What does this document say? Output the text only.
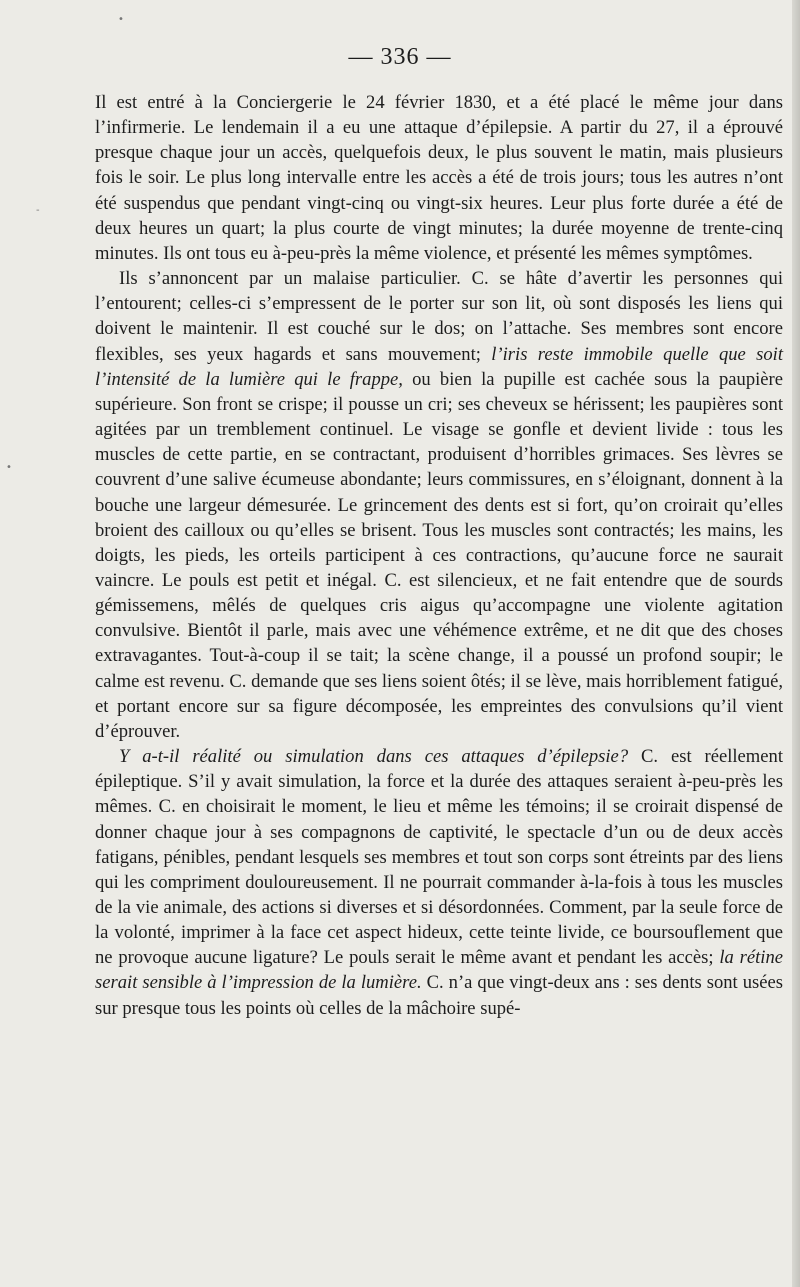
— 336 —

Il est entré à la Conciergerie le 24 février 1830, et a été placé le même jour dans l’infirmerie. Le lendemain il a eu une attaque d’épilepsie. A partir du 27, il a éprouvé presque chaque jour un accès, quelquefois deux, le plus souvent le matin, mais plusieurs fois le soir. Le plus long intervalle entre les accès a été de trois jours; tous les autres n’ont été suspendus que pendant vingt-cinq ou vingt-six heures. Leur plus forte durée a été de deux heures un quart; la plus courte de vingt minutes; la durée moyenne de trente-cinq minutes. Ils ont tous eu à-peu-près la même violence, et présenté les mêmes symptômes.

Ils s’annoncent par un malaise particulier. C. se hâte d’avertir les personnes qui l’entourent; celles-ci s’empressent de le porter sur son lit, où sont disposés les liens qui doivent le maintenir. Il est couché sur le dos; on l’attache. Ses membres sont encore flexibles, ses yeux hagards et sans mouvement; l’iris reste immobile quelle que soit l’intensité de la lumière qui le frappe, ou bien la pupille est cachée sous la paupière supérieure. Son front se crispe; il pousse un cri; ses cheveux se hérissent; les paupières sont agitées par un tremblement continuel. Le visage se gonfle et devient livide : tous les muscles de cette partie, en se contractant, produisent d’horribles grimaces. Ses lèvres se couvrent d’une salive écumeuse abondante; leurs commissures, en s’éloignant, donnent à la bouche une largeur démesurée. Le grincement des dents est si fort, qu’on croirait qu’elles broient des cailloux ou qu’elles se brisent. Tous les muscles sont contractés; les mains, les doigts, les pieds, les orteils participent à ces contractions, qu’aucune force ne saurait vaincre. Le pouls est petit et inégal. C. est silencieux, et ne fait entendre que de sourds gémissemens, mêlés de quelques cris aigus qu’accompagne une violente agitation convulsive. Bientôt il parle, mais avec une véhémence extrême, et ne dit que des choses extravagantes. Tout-à-coup il se tait; la scène change, il a poussé un profond soupir; le calme est revenu. C. demande que ses liens soient ôtés; il se lève, mais horriblement fatigué, et portant encore sur sa figure décomposée, les empreintes des convulsions qu’il vient d’éprouver.

Y a-t-il réalité ou simulation dans ces attaques d’épilepsie? C. est réellement épileptique. S’il y avait simulation, la force et la durée des attaques seraient à-peu-près les mêmes. C. en choisirait le moment, le lieu et même les témoins; il se croirait dispensé de donner chaque jour à ses compagnons de captivité, le spectacle d’un ou de deux accès fatigans, pénibles, pendant lesquels ses membres et tout son corps sont étreints par des liens qui les compriment douloureusement. Il ne pourrait commander à-la-fois à tous les muscles de la vie animale, des actions si diverses et si désordonnées. Comment, par la seule force de la volonté, imprimer à la face cet aspect hideux, cette teinte livide, ce boursouflement que ne provoque aucune ligature? Le pouls serait le même avant et pendant les accès; la rétine serait sensible à l’impression de la lumière. C. n’a que vingt-deux ans : ses dents sont usées sur presque tous les points où celles de la mâchoire supé-

•
-
•
